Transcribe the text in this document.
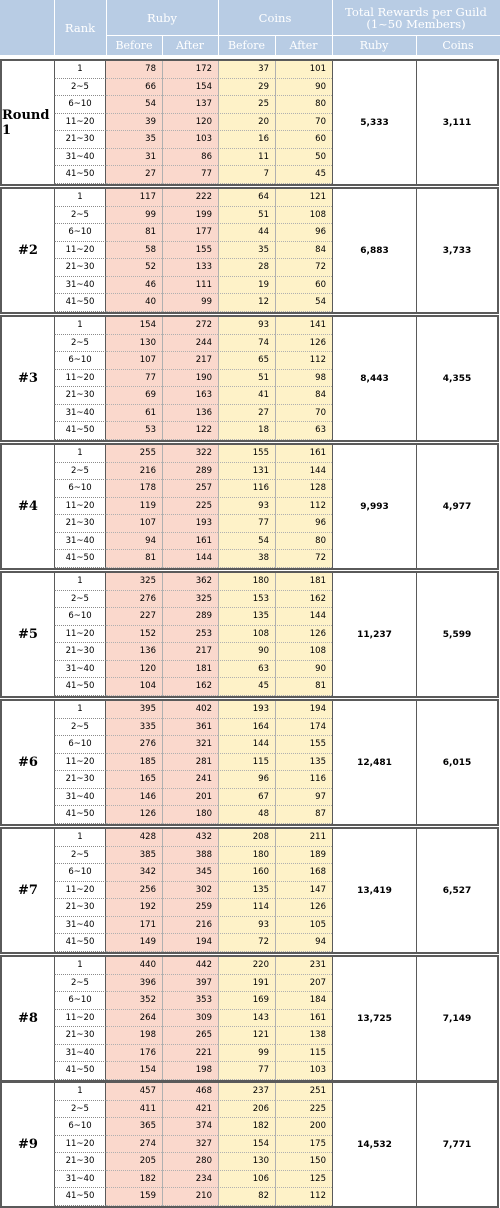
Rank
Ruby	Coins	Total Rewards per Guild
(1~50 Members)
Before	After	Before	After	Ruby	Coins
Round 1
1	78	172	37	101
2~5	66	154	29	90
6~10	54	137	25	80
11~20	39	120	20	70
21~30	35	103	16	60
31~40	31	86	11	50
41~50	27	77	7	45
5,333	3,111
#2
1	117	222	64	121
2~5	99	199	51	108
6~10	81	177	44	96
11~20	58	155	35	84
21~30	52	133	28	72
31~40	46	111	19	60
41~50	40	99	12	54
6,883	3,733
#3
1	154	272	93	141
2~5	130	244	74	126
6~10	107	217	65	112
11~20	77	190	51	98
21~30	69	163	41	84
31~40	61	136	27	70
41~50	53	122	18	63
8,443	4,355
#4
1	255	322	155	161
2~5	216	289	131	144
6~10	178	257	116	128
11~20	119	225	93	112
21~30	107	193	77	96
31~40	94	161	54	80
41~50	81	144	38	72
9,993	4,977
#5
1	325	362	180	181
2~5	276	325	153	162
6~10	227	289	135	144
11~20	152	253	108	126
21~30	136	217	90	108
31~40	120	181	63	90
41~50	104	162	45	81
11,237	5,599
#6
1	395	402	193	194
2~5	335	361	164	174
6~10	276	321	144	155
11~20	185	281	115	135
21~30	165	241	96	116
31~40	146	201	67	97
41~50	126	180	48	87
12,481	6,015
#7
1	428	432	208	211
2~5	385	388	180	189
6~10	342	345	160	168
11~20	256	302	135	147
21~30	192	259	114	126
31~40	171	216	93	105
41~50	149	194	72	94
13,419	6,527
#8
1	440	442	220	231
2~5	396	397	191	207
6~10	352	353	169	184
11~20	264	309	143	161
21~30	198	265	121	138
31~40	176	221	99	115
41~50	154	198	77	103
13,725	7,149
#9
1	457	468	237	251
2~5	411	421	206	225
6~10	365	374	182	200
11~20	274	327	154	175
21~30	205	280	130	150
31~40	182	234	106	125
41~50	159	210	82	112
14,532	7,771
